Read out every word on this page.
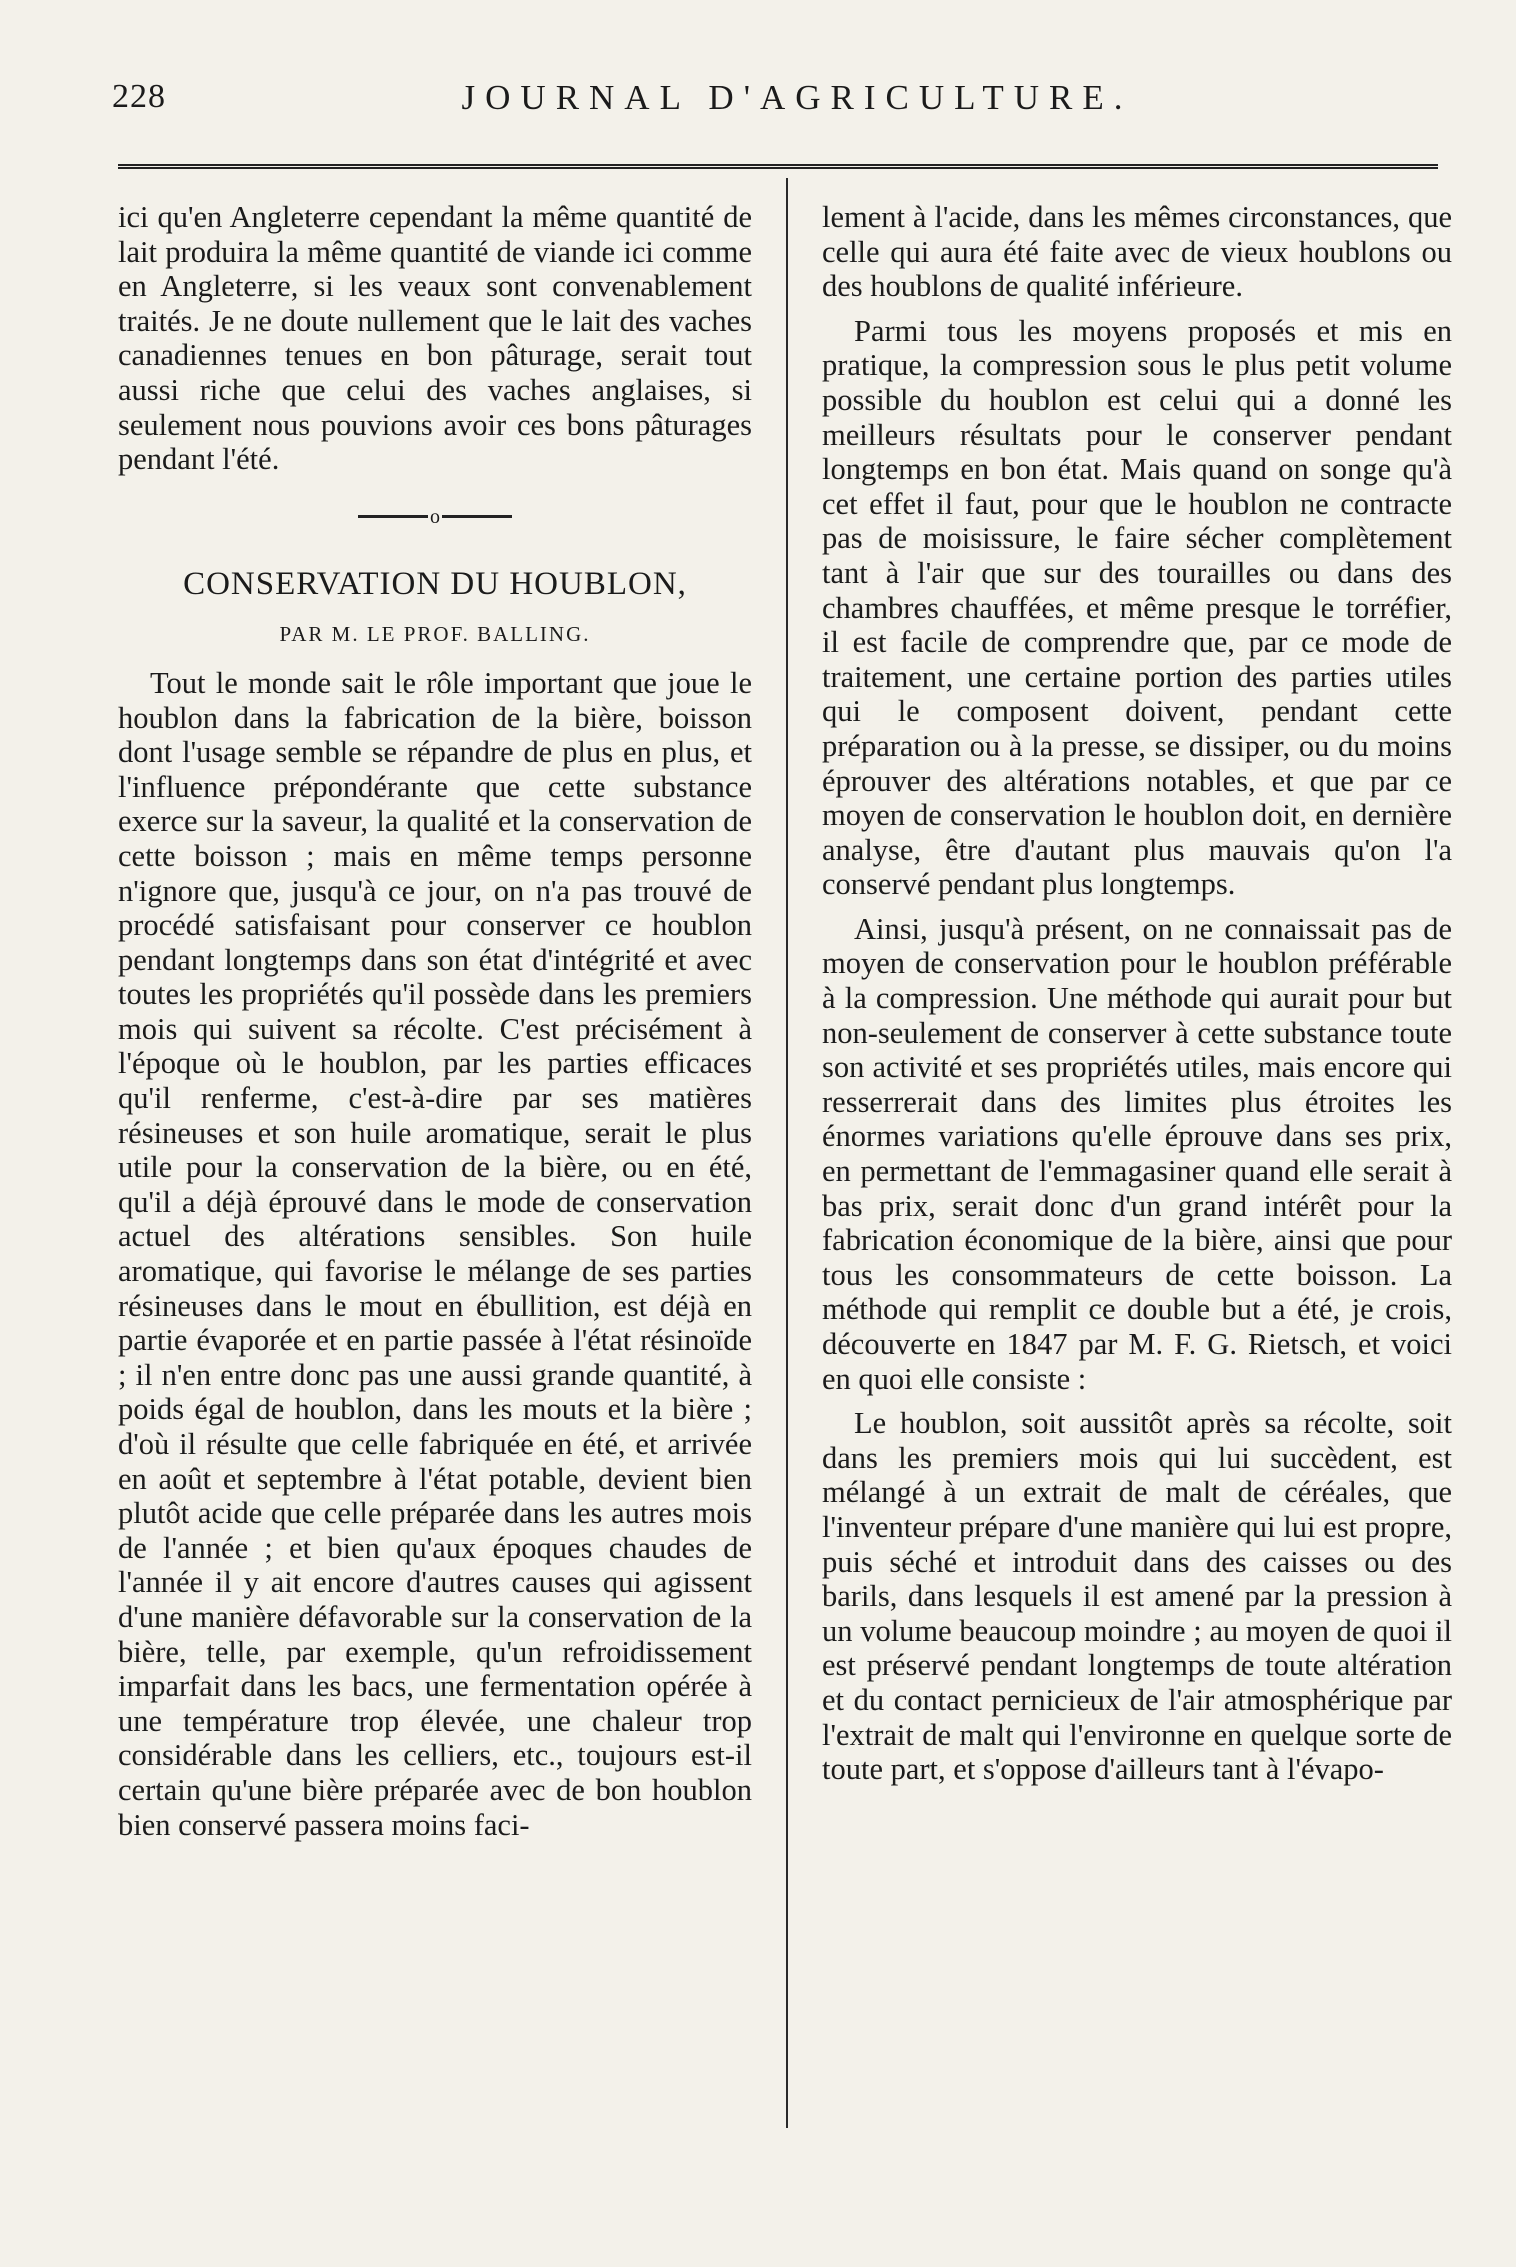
228	JOURNAL D'AGRICULTURE.

ici qu'en Angleterre cependant la même quantité de lait produira la même quantité de viande ici comme en Angleterre, si les veaux sont convenablement traités. Je ne doute nullement que le lait des vaches canadiennes tenues en bon pâturage, serait tout aussi riche que celui des vaches anglaises, si seulement nous pouvions avoir ces bons pâturages pendant l'été.

o
CONSERVATION DU HOUBLON,
PAR M. LE PROF. BALLING.

Tout le monde sait le rôle important que joue le houblon dans la fabrication de la bière, boisson dont l'usage semble se répandre de plus en plus, et l'influence prépondérante que cette substance exerce sur la saveur, la qualité et la conservation de cette boisson ; mais en même temps personne n'ignore que, jusqu'à ce jour, on n'a pas trouvé de procédé satisfaisant pour conserver ce houblon pendant longtemps dans son état d'intégrité et avec toutes les propriétés qu'il possède dans les premiers mois qui suivent sa récolte. C'est précisément à l'époque où le houblon, par les parties efficaces qu'il renferme, c'est-à-dire par ses matières résineuses et son huile aromatique, serait le plus utile pour la conservation de la bière, ou en été, qu'il a déjà éprouvé dans le mode de conservation actuel des altérations sensibles. Son huile aromatique, qui favorise le mélange de ses parties résineuses dans le mout en ébullition, est déjà en partie évaporée et en partie passée à l'état résinoïde ; il n'en entre donc pas une aussi grande quantité, à poids égal de houblon, dans les mouts et la bière ; d'où il résulte que celle fabriquée en été, et arrivée en août et septembre à l'état potable, devient bien plutôt acide que celle préparée dans les autres mois de l'année ; et bien qu'aux époques chaudes de l'année il y ait encore d'autres causes qui agissent d'une manière défavorable sur la conservation de la bière, telle, par exemple, qu'un refroidissement imparfait dans les bacs, une fermentation opérée à une température trop élevée, une chaleur trop considérable dans les celliers, etc., toujours est-il certain qu'une bière préparée avec de bon houblon bien conservé passera moins faci-

lement à l'acide, dans les mêmes circonstances, que celle qui aura été faite avec de vieux houblons ou des houblons de qualité inférieure.

Parmi tous les moyens proposés et mis en pratique, la compression sous le plus petit volume possible du houblon est celui qui a donné les meilleurs résultats pour le conserver pendant longtemps en bon état. Mais quand on songe qu'à cet effet il faut, pour que le houblon ne contracte pas de moisissure, le faire sécher complètement tant à l'air que sur des tourailles ou dans des chambres chauffées, et même presque le torréfier, il est facile de comprendre que, par ce mode de traitement, une certaine portion des parties utiles qui le composent doivent, pendant cette préparation ou à la presse, se dissiper, ou du moins éprouver des altérations notables, et que par ce moyen de conservation le houblon doit, en dernière analyse, être d'autant plus mauvais qu'on l'a conservé pendant plus longtemps.

Ainsi, jusqu'à présent, on ne connaissait pas de moyen de conservation pour le houblon préférable à la compression. Une méthode qui aurait pour but non-seulement de conserver à cette substance toute son activité et ses propriétés utiles, mais encore qui resserrerait dans des limites plus étroites les énormes variations qu'elle éprouve dans ses prix, en permettant de l'emmagasiner quand elle serait à bas prix, serait donc d'un grand intérêt pour la fabrication économique de la bière, ainsi que pour tous les consommateurs de cette boisson. La méthode qui remplit ce double but a été, je crois, découverte en 1847 par M. F. G. Rietsch, et voici en quoi elle consiste :

Le houblon, soit aussitôt après sa récolte, soit dans les premiers mois qui lui succèdent, est mélangé à un extrait de malt de céréales, que l'inventeur prépare d'une manière qui lui est propre, puis séché et introduit dans des caisses ou des barils, dans lesquels il est amené par la pression à un volume beaucoup moindre ; au moyen de quoi il est préservé pendant longtemps de toute altération et du contact pernicieux de l'air atmosphérique par l'extrait de malt qui l'environne en quelque sorte de toute part, et s'oppose d'ailleurs tant à l'évapo-
